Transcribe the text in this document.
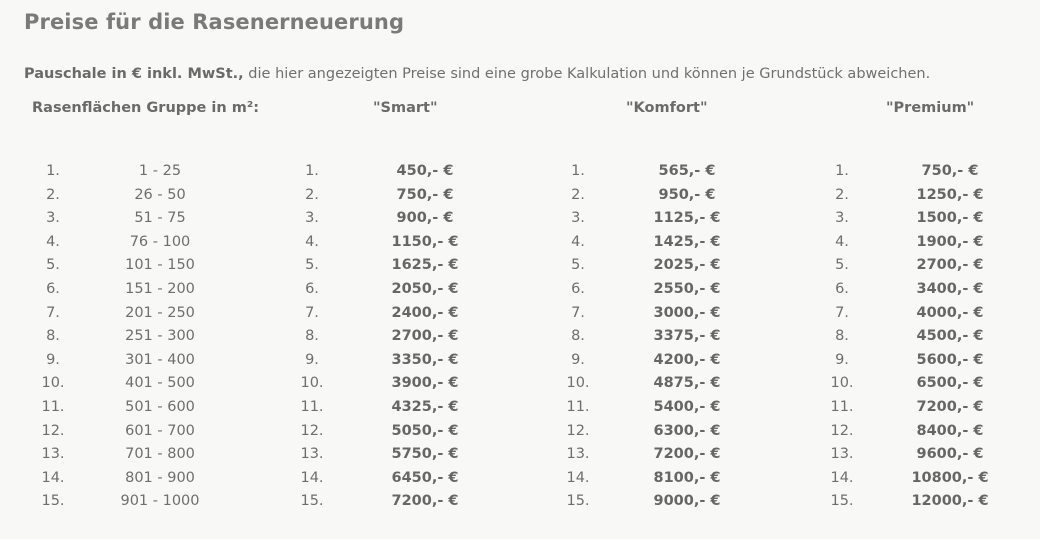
Preise für die Rasenerneuerung

Pauschale in € inkl. MwSt., die hier angezeigten Preise sind eine grobe Kalkulation und können je Grundstück abweichen.

Rasenflächen Gruppe in m²:	"Smart"	"Komfort"	"Premium"
1.	1 - 25	1.	450,- €	1.	565,- €	1.	750,- €
2.	26 - 50	2.	750,- €	2.	950,- €	2.	1250,- €
3.	51 - 75	3.	900,- €	3.	1125,- €	3.	1500,- €
4.	76 - 100	4.	1150,- €	4.	1425,- €	4.	1900,- €
5.	101 - 150	5.	1625,- €	5.	2025,- €	5.	2700,- €
6.	151 - 200	6.	2050,- €	6.	2550,- €	6.	3400,- €
7.	201 - 250	7.	2400,- €	7.	3000,- €	7.	4000,- €
8.	251 - 300	8.	2700,- €	8.	3375,- €	8.	4500,- €
9.	301 - 400	9.	3350,- €	9.	4200,- €	9.	5600,- €
10.	401 - 500	10.	3900,- €	10.	4875,- €	10.	6500,- €
11.	501 - 600	11.	4325,- €	11.	5400,- €	11.	7200,- €
12.	601 - 700	12.	5050,- €	12.	6300,- €	12.	8400,- €
13.	701 - 800	13.	5750,- €	13.	7200,- €	13.	9600,- €
14.	801 - 900	14.	6450,- €	14.	8100,- €	14.	10800,- €
15.	901 - 1000	15.	7200,- €	15.	9000,- €	15.	12000,- €
